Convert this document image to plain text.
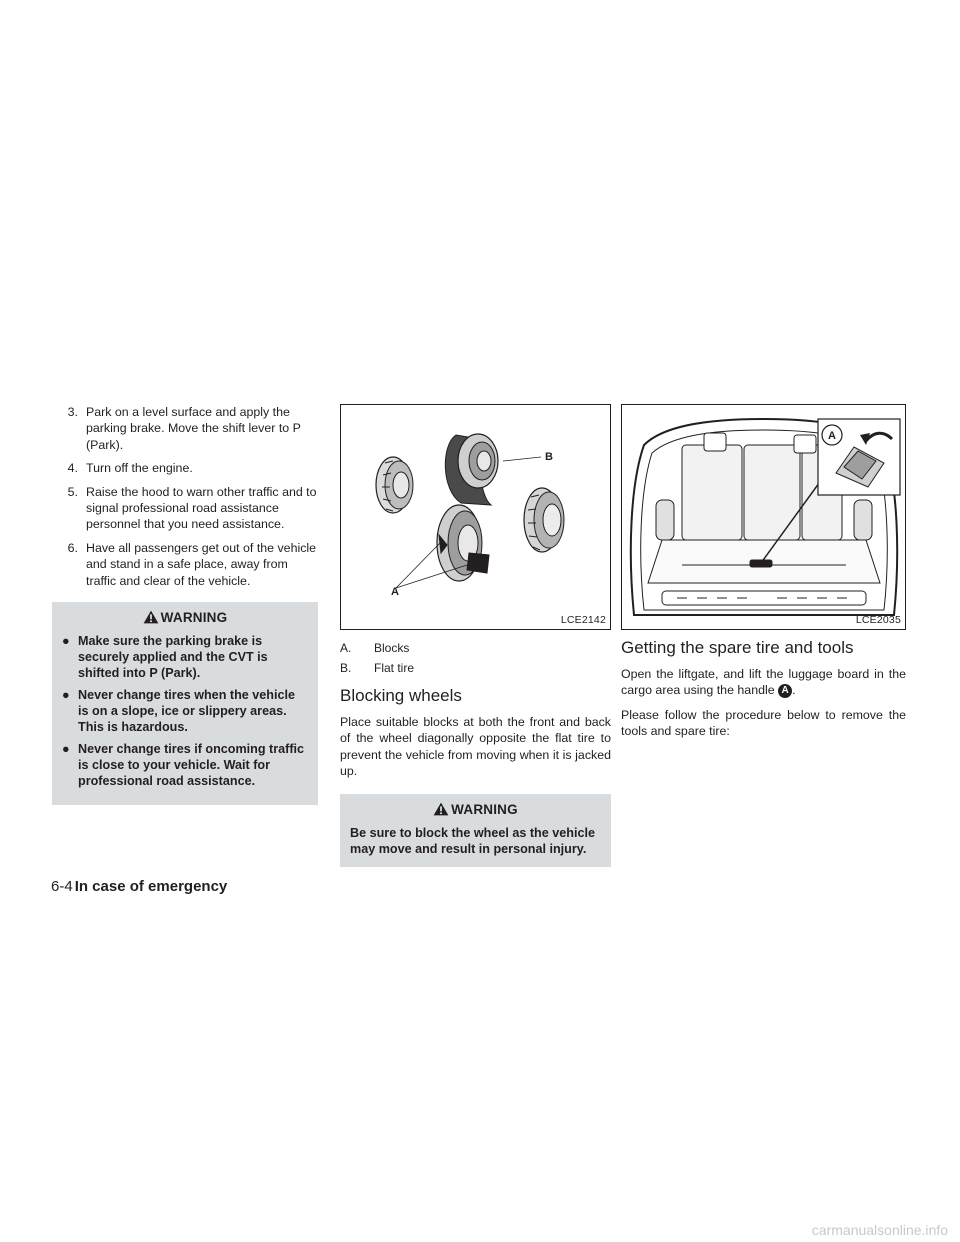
3. Park on a level surface and apply the parking brake. Move the shift lever to P (Park).
4. Turn off the engine.
5. Raise the hood to warn other traffic and to signal professional road assistance personnel that you need assistance.
6. Have all passengers get out of the vehicle and stand in a safe place, away from traffic and clear of the vehicle.
WARNING
● Make sure the parking brake is securely applied and the CVT is shifted into P (Park).
● Never change tires when the vehicle is on a slope, ice or slippery areas. This is hazardous.
● Never change tires if oncoming traffic is close to your vehicle. Wait for professional road assistance.
A
B
LCE2142
A. Blocks
B. Flat tire
Blocking wheels

Place suitable blocks at both the front and back of the wheel diagonally opposite the flat tire to prevent the vehicle from moving when it is jacked up.

WARNING
Be sure to block the wheel as the vehicle may move and result in personal injury.
A
LCE2035
Getting the spare tire and tools

Open the liftgate, and lift the luggage board in the cargo area using the handle A .

Please follow the procedure below to remove the tools and spare tire:

6-4 In case of emergency
carmanualsonline.info
